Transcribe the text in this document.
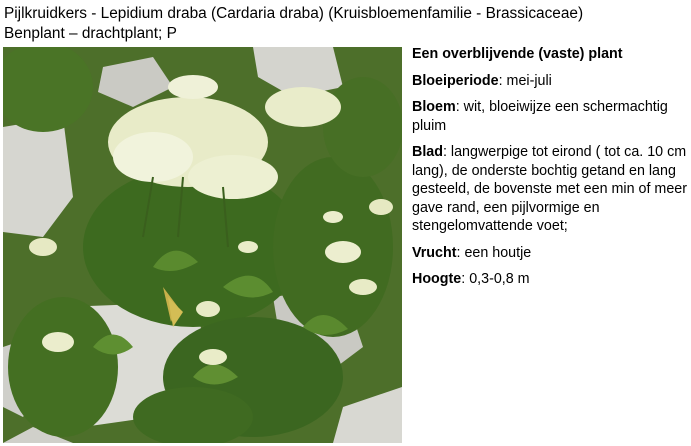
Pijlkruidkers - Lepidium draba (Cardaria draba) (Kruisbloemenfamilie - Brassicaceae)
Benplant – drachtplant; P

Een overblijvende (vaste) plant

Bloeiperiode: mei-juli

Bloem: wit, bloeiwijze een schermachtig pluim

Blad: langwerpige tot eirond ( tot ca. 10 cm lang), de onderste bochtig getand en lang gesteeld, de bovenste met een min of meer gave rand, een pijlvormige en stengelomvattende voet;

Vrucht: een houtje

Hoogte: 0,3-0,8 m
